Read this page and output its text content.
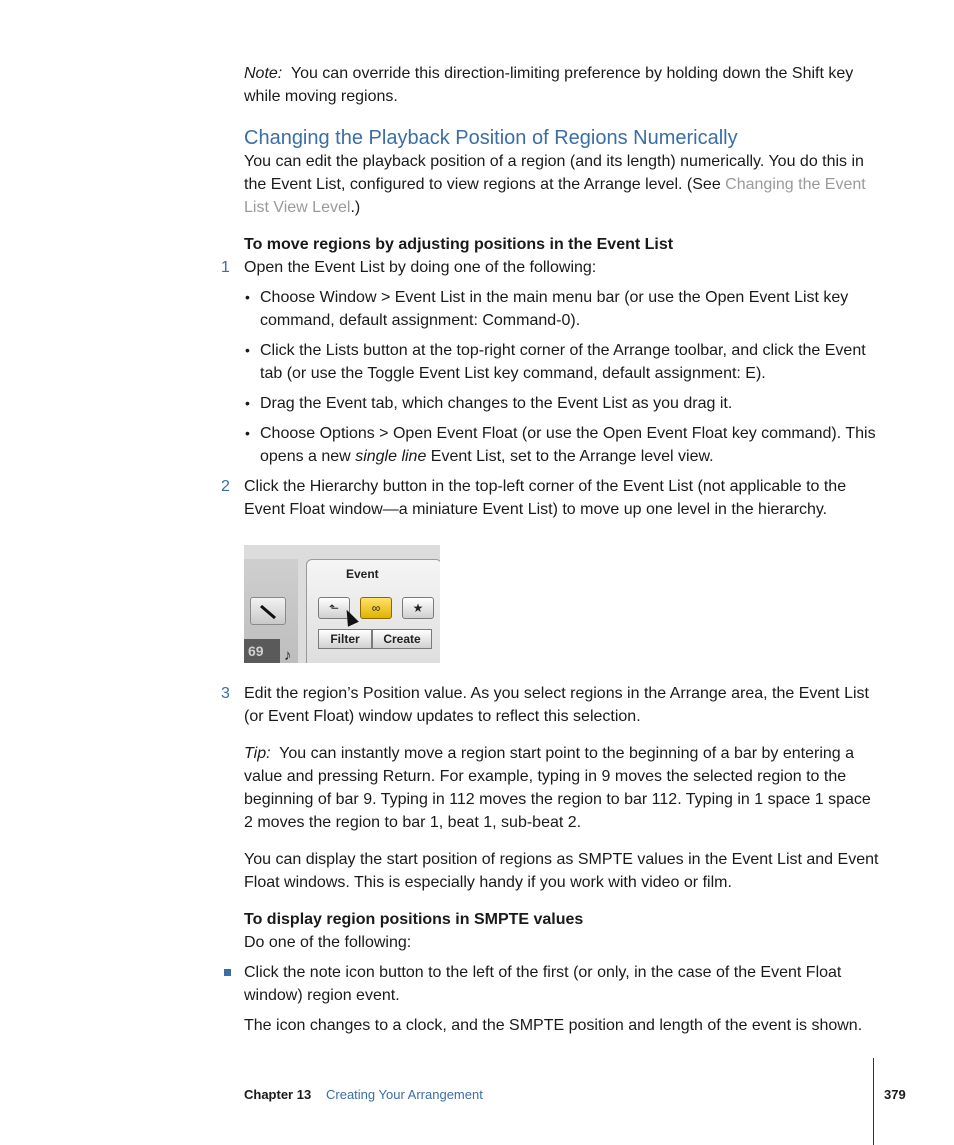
Note: You can override this direction-limiting preference by holding down the Shift key while moving regions.

Changing the Playback Position of Regions Numerically

You can edit the playback position of a region (and its length) numerically. You do this in the Event List, configured to view regions at the Arrange level. (See Changing the Event List View Level.)

To move regions by adjusting positions in the Event List
1 Open the Event List by doing one of the following:

• Choose Window > Event List in the main menu bar (or use the Open Event List key command, default assignment: Command-0).

• Click the Lists button at the top-right corner of the Arrange toolbar, and click the Event tab (or use the Toggle Event List key command, default assignment: E).

• Drag the Event tab, which changes to the Event List as you drag it.

• Choose Options > Open Event Float (or use the Open Event Float key command). This opens a new single line Event List, set to the Arrange level view.

2 Click the Hierarchy button in the top-left corner of the Event List (not applicable to the Event Float window—a miniature Event List) to move up one level in the hierarchy.

69	♪
Event
⬑	∞	★
Filter	Create
3 Edit the region’s Position value. As you select regions in the Arrange area, the Event List (or Event Float) window updates to reflect this selection.

Tip: You can instantly move a region start point to the beginning of a bar by entering a value and pressing Return. For example, typing in 9 moves the selected region to the beginning of bar 9. Typing in 112 moves the region to bar 112. Typing in 1 space 1 space 2 moves the region to bar 1, beat 1, sub-beat 2.

You can display the start position of regions as SMPTE values in the Event List and Event Float windows. This is especially handy if you work with video or film.

To display region positions in SMPTE values

Do one of the following:

Click the note icon button to the left of the first (or only, in the case of the Event Float window) region event.

The icon changes to a clock, and the SMPTE position and length of the event is shown.

Chapter 13 Creating Your Arrangement	379
